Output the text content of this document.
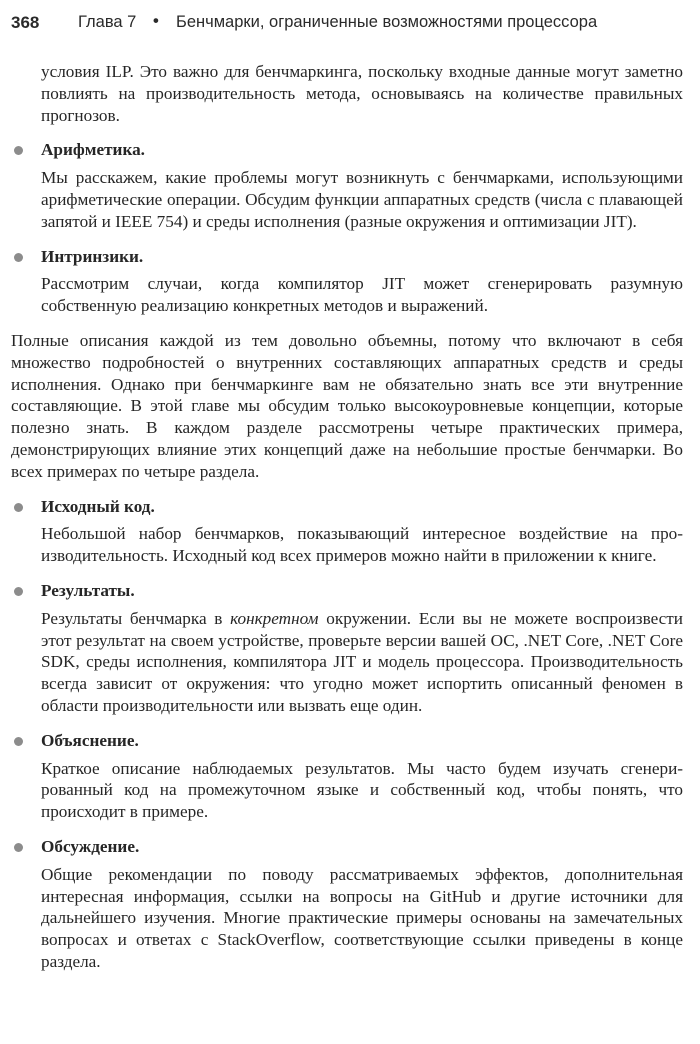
368 Глава 7 • Бенчмарки, ограниченные возможностями процессора

условия ILP. Это важно для бенчмаркинга, поскольку входные данные могут заметно повлиять на производительность метода, основываясь на количестве правильных прогнозов.

Арифметика.

Мы расскажем, какие проблемы могут возникнуть с бенчмарками, использующими арифметические операции. Обсудим функции аппаратных средств (числа с плавающей запятой и IEEE 754) и среды исполнения (разные окружения и оптимизации JIT).

Интринзики.

Рассмотрим случаи, когда компилятор JIT может сгенерировать разумную собственную реализацию конкретных методов и выражений.

Полные описания каждой из тем довольно объемны, потому что включают в себя множество подробностей о внутренних составляющих аппаратных средств и среды исполнения. Однако при бенчмаркинге вам не обязательно знать все эти внутренние составляющие. В этой главе мы обсудим только высокоуровневые концепции, которые полезно знать. В каждом разделе рассмотрены четыре практических примера, демонстрирующих влияние этих концепций даже на небольшие простые бенчмарки. Во всех примерах по четыре раздела.

Исходный код.

Небольшой набор бенчмарков, показывающий интересное воздействие на производительность. Исходный код всех примеров можно найти в приложении к книге.

Результаты.

Результаты бенчмарка в конкретном окружении. Если вы не можете воспроизвести этот результат на своем устройстве, проверьте версии вашей ОС, .NET Core, .NET Core SDK, среды исполнения, компилятора JIT и модель процессора. Производительность всегда зависит от окружения: что угодно может испортить описанный феномен в области производительности или вызвать еще один.

Объяснение.

Краткое описание наблюдаемых результатов. Мы часто будем изучать сгенерированный код на промежуточном языке и собственный код, чтобы понять, что происходит в примере.

Обсуждение.

Общие рекомендации по поводу рассматриваемых эффектов, дополнительная интересная информация, ссылки на вопросы на GitHub и другие источники для дальнейшего изучения. Многие практические примеры основаны на замечательных вопросах и ответах с StackOverflow, соответствующие ссылки приведены в конце раздела.
